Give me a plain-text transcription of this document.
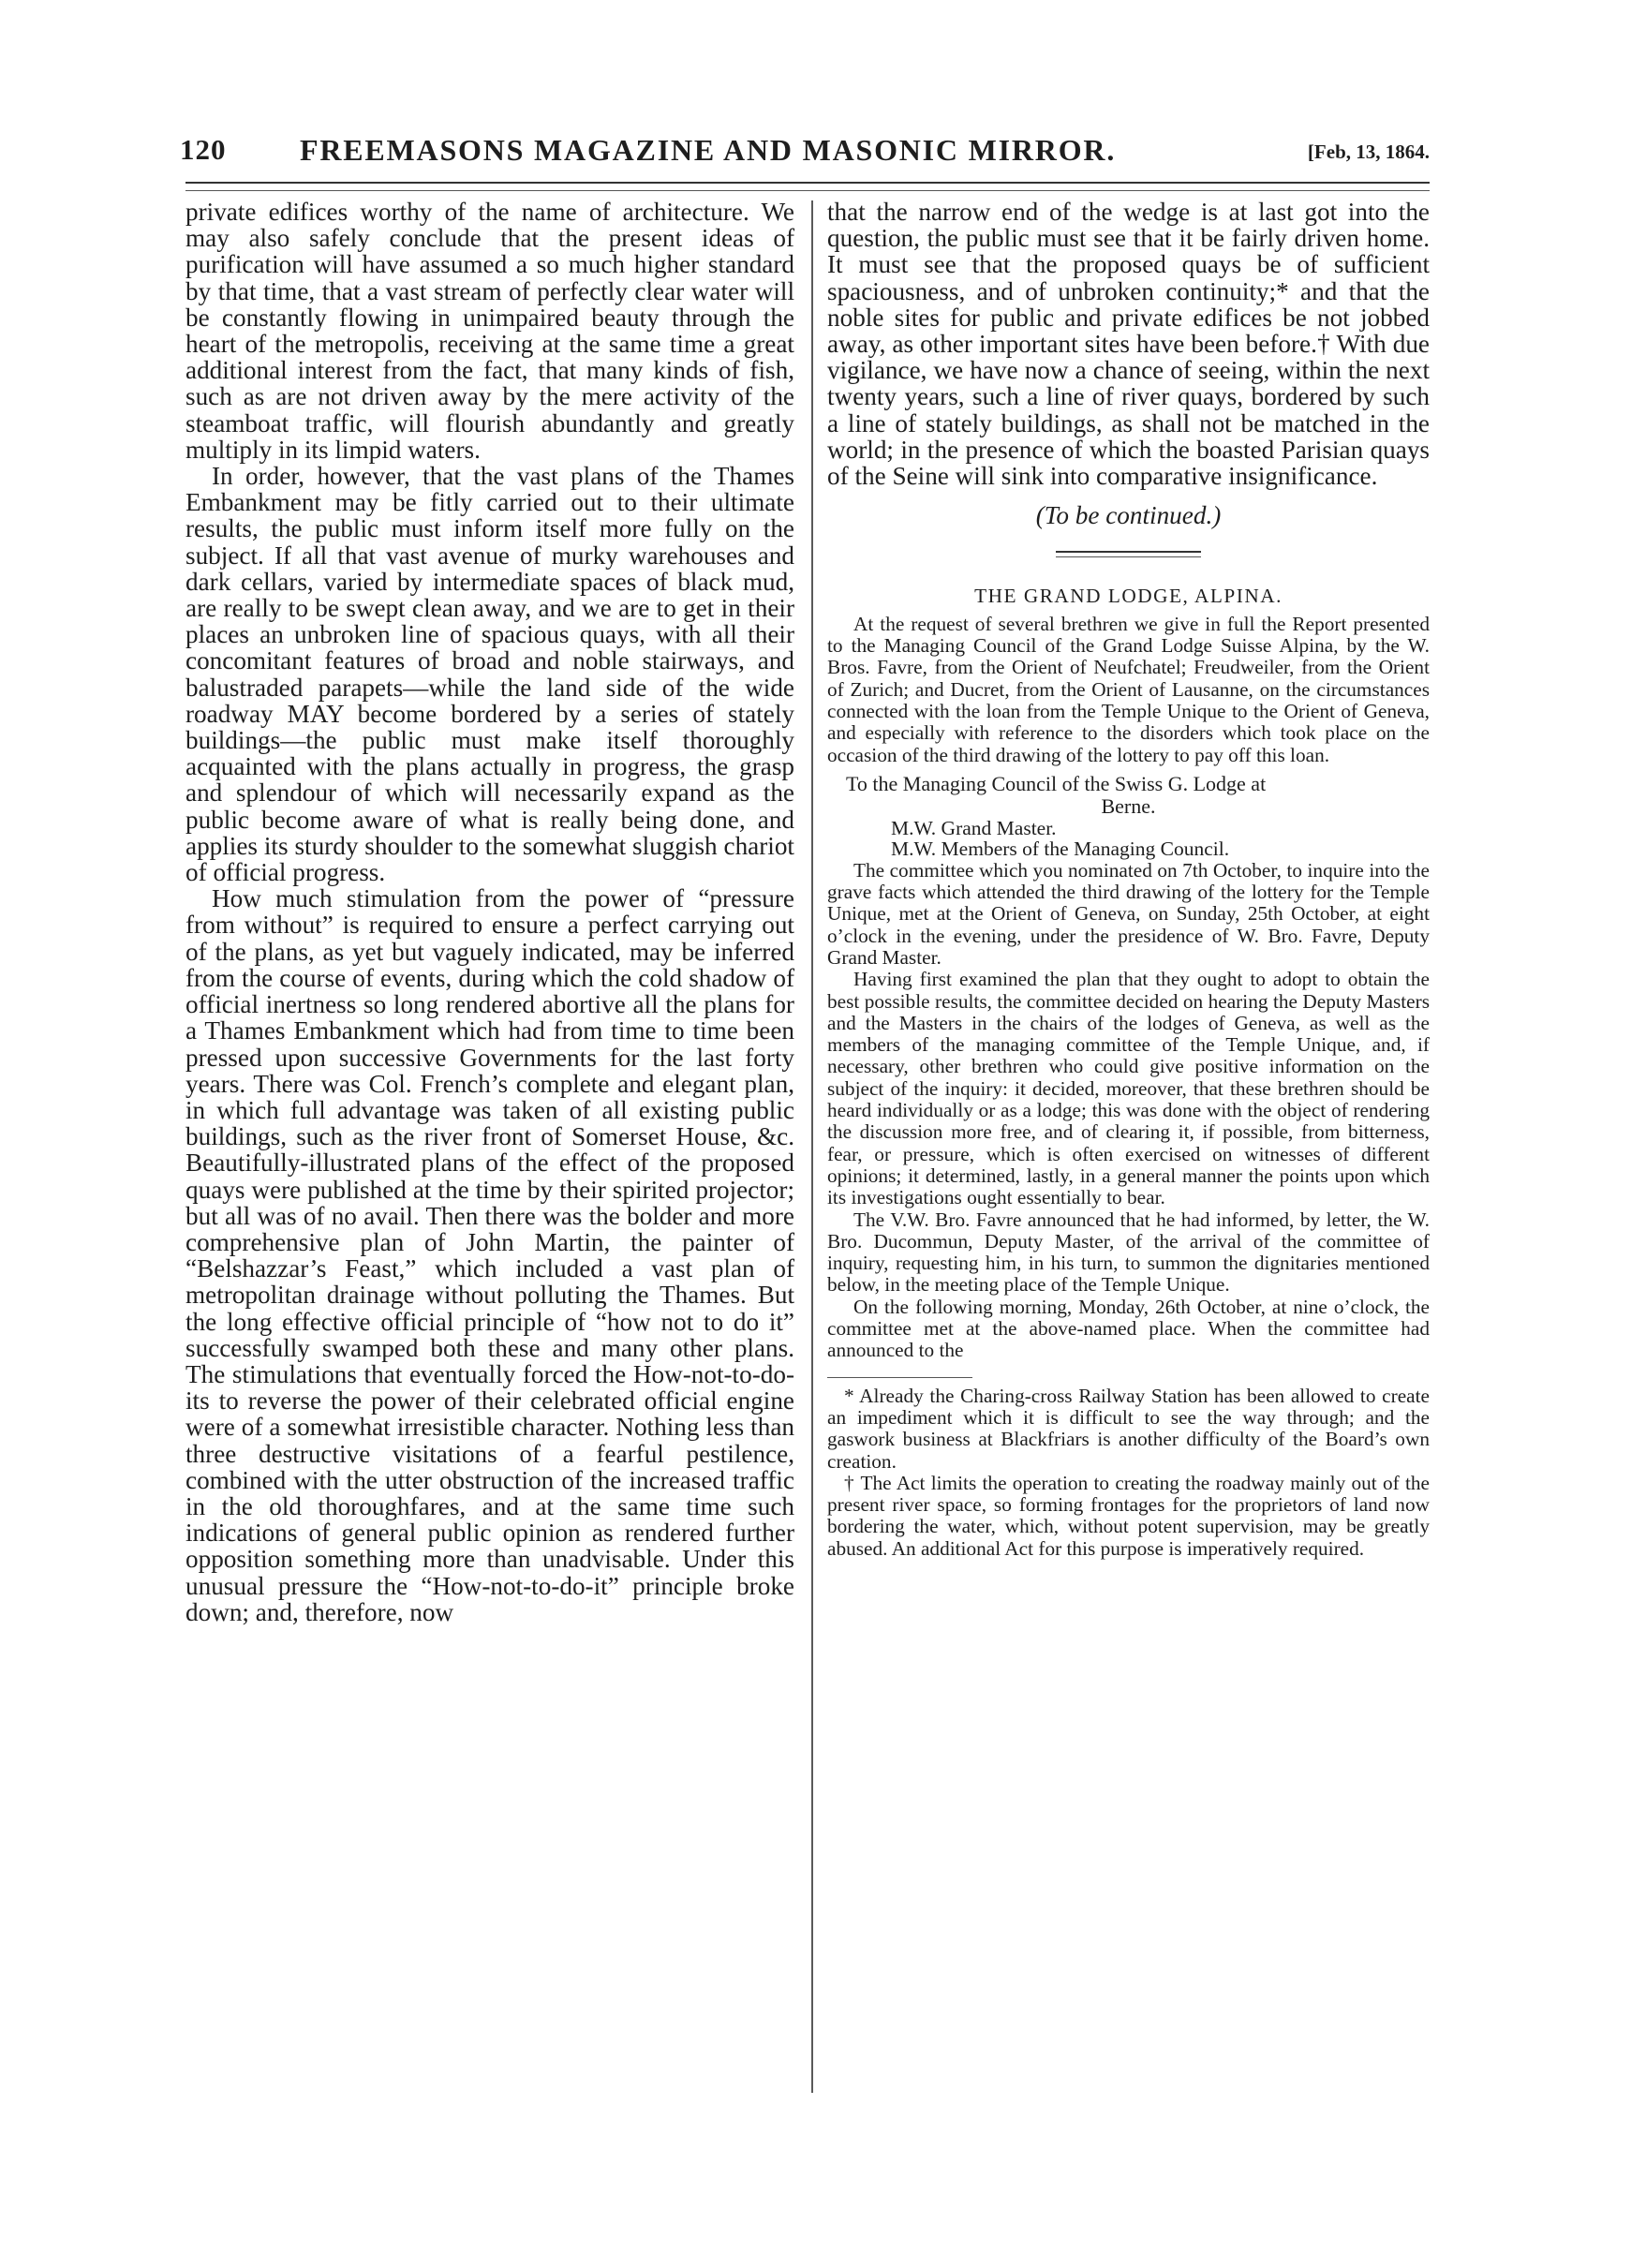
120 FREEMASONS MAGAZINE AND MASONIC MIRROR.	[Feb, 13, 1864.

private edifices worthy of the name of architecture. We may also safely conclude that the present ideas of purification will have assumed a so much higher standard by that time, that a vast stream of perfectly clear water will be constantly flowing in unimpaired beauty through the heart of the metropolis, receiving at the same time a great additional interest from the fact, that many kinds of fish, such as are not driven away by the mere activity of the steamboat traffic, will flourish abundantly and greatly multiply in its limpid waters.

In order, however, that the vast plans of the Thames Embankment may be fitly carried out to their ultimate results, the public must inform itself more fully on the subject. If all that vast avenue of murky warehouses and dark cellars, varied by intermediate spaces of black mud, are really to be swept clean away, and we are to get in their places an unbroken line of spacious quays, with all their concomitant features of broad and noble stairways, and balustraded parapets—while the land side of the wide roadway MAY become bordered by a series of stately buildings—the public must make itself thoroughly acquainted with the plans actually in progress, the grasp and splendour of which will necessarily expand as the public become aware of what is really being done, and applies its sturdy shoulder to the somewhat sluggish chariot of official progress.

How much stimulation from the power of “pressure from without” is required to ensure a perfect carrying out of the plans, as yet but vaguely indicated, may be inferred from the course of events, during which the cold shadow of official inertness so long rendered abortive all the plans for a Thames Embankment which had from time to time been pressed upon successive Governments for the last forty years. There was Col. French’s complete and elegant plan, in which full advantage was taken of all existing public buildings, such as the river front of Somerset House, &c. Beautifully-illustrated plans of the effect of the proposed quays were published at the time by their spirited projector; but all was of no avail. Then there was the bolder and more comprehensive plan of John Martin, the painter of “Belshazzar’s Feast,” which included a vast plan of metropolitan drainage without polluting the Thames. But the long effective official principle of “how not to do it” successfully swamped both these and many other plans. The stimulations that eventually forced the How-not-to-do-its to reverse the power of their celebrated official engine were of a somewhat irresistible character. Nothing less than three destructive visitations of a fearful pestilence, combined with the utter obstruction of the increased traffic in the old thoroughfares, and at the same time such indications of general public opinion as rendered further opposition something more than unadvisable. Under this unusual pressure the “How-not-to-do-it” principle broke down; and, therefore, now

that the narrow end of the wedge is at last got into the question, the public must see that it be fairly driven home. It must see that the proposed quays be of sufficient spaciousness, and of unbroken continuity;* and that the noble sites for public and private edifices be not jobbed away, as other important sites have been before.† With due vigilance, we have now a chance of seeing, within the next twenty years, such a line of river quays, bordered by such a line of stately buildings, as shall not be matched in the world; in the presence of which the boasted Parisian quays of the Seine will sink into comparative insignificance.

(To be continued.)

THE GRAND LODGE, ALPINA.

At the request of several brethren we give in full the Report presented to the Managing Council of the Grand Lodge Suisse Alpina, by the W. Bros. Favre, from the Orient of Neufchatel; Freudweiler, from the Orient of Zurich; and Ducret, from the Orient of Lausanne, on the circumstances connected with the loan from the Temple Unique to the Orient of Geneva, and especially with reference to the disorders which took place on the occasion of the third drawing of the lottery to pay off this loan.

To the Managing Council of the Swiss G. Lodge at

Berne.

M.W. Grand Master.

M.W. Members of the Managing Council.

The committee which you nominated on 7th October, to inquire into the grave facts which attended the third drawing of the lottery for the Temple Unique, met at the Orient of Geneva, on Sunday, 25th October, at eight o’clock in the evening, under the presidence of W. Bro. Favre, Deputy Grand Master.

Having first examined the plan that they ought to adopt to obtain the best possible results, the committee decided on hearing the Deputy Masters and the Masters in the chairs of the lodges of Geneva, as well as the members of the managing committee of the Temple Unique, and, if necessary, other brethren who could give positive information on the subject of the inquiry: it decided, moreover, that these brethren should be heard individually or as a lodge; this was done with the object of rendering the discussion more free, and of clearing it, if possible, from bitterness, fear, or pressure, which is often exercised on witnesses of different opinions; it determined, lastly, in a general manner the points upon which its investigations ought essentially to bear.

The V.W. Bro. Favre announced that he had informed, by letter, the W. Bro. Ducommun, Deputy Master, of the arrival of the committee of inquiry, requesting him, in his turn, to summon the dignitaries mentioned below, in the meeting place of the Temple Unique.

On the following morning, Monday, 26th October, at nine o’clock, the committee met at the above-named place. When the committee had announced to the

* Already the Charing-cross Railway Station has been allowed to create an impediment which it is difficult to see the way through; and the gaswork business at Blackfriars is another difficulty of the Board’s own creation.

† The Act limits the operation to creating the roadway mainly out of the present river space, so forming frontages for the proprietors of land now bordering the water, which, without potent supervision, may be greatly abused. An additional Act for this purpose is imperatively required.
